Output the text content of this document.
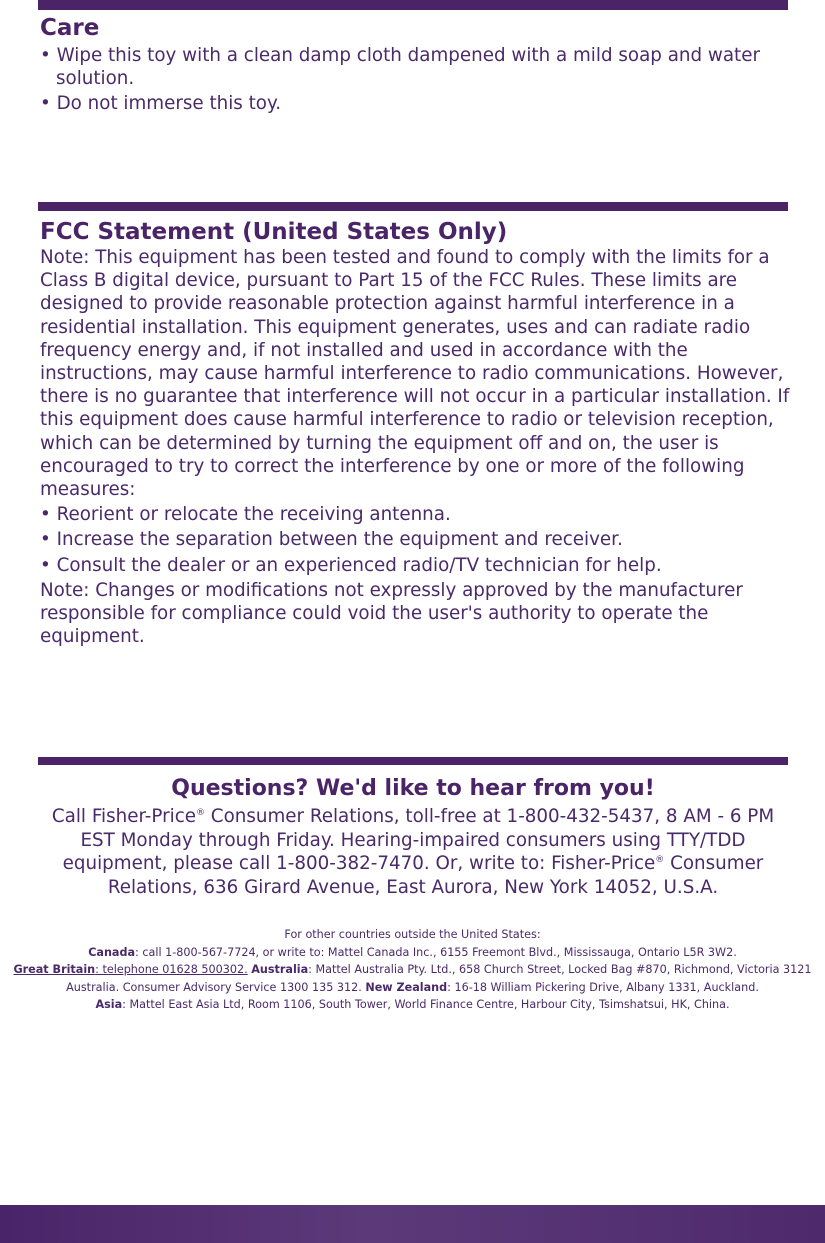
Care
• Wipe this toy with a clean damp cloth dampened with a mild soap and water solution.
• Do not immerse this toy.
FCC Statement (United States Only)
Note: This equipment has been tested and found to comply with the limits for a Class B digital device, pursuant to Part 15 of the FCC Rules. These limits are designed to provide reasonable protection against harmful interference in a residential installation. This equipment generates, uses and can radiate radio frequency energy and, if not installed and used in accordance with the instructions, may cause harmful interference to radio communications. However, there is no guarantee that interference will not occur in a particular installation. If this equipment does cause harmful interference to radio or television reception, which can be determined by turning the equipment off and on, the user is encouraged to try to correct the interference by one or more of the following measures:
• Reorient or relocate the receiving antenna.
• Increase the separation between the equipment and receiver.
• Consult the dealer or an experienced radio/TV technician for help.
Note: Changes or modifications not expressly approved by the manufacturer responsible for compliance could void the user's authority to operate the equipment.
Questions? We'd like to hear from you!
Call Fisher-Price® Consumer Relations, toll-free at 1-800-432-5437, 8 AM - 6 PM EST Monday through Friday. Hearing-impaired consumers using TTY/TDD equipment, please call 1-800-382-7470. Or, write to: Fisher-Price® Consumer Relations, 636 Girard Avenue, East Aurora, New York 14052, U.S.A.
For other countries outside the United States:
Canada: call 1-800-567-7724, or write to: Mattel Canada Inc., 6155 Freemont Blvd., Mississauga, Ontario L5R 3W2.
Great Britain: telephone 01628 500302. Australia: Mattel Australia Pty. Ltd., 658 Church Street, Locked Bag #870, Richmond, Victoria 3121 Australia. Consumer Advisory Service 1300 135 312. New Zealand: 16-18 William Pickering Drive, Albany 1331, Auckland.
Asia: Mattel East Asia Ltd, Room 1106, South Tower, World Finance Centre, Harbour City, Tsimshatsui, HK, China.
